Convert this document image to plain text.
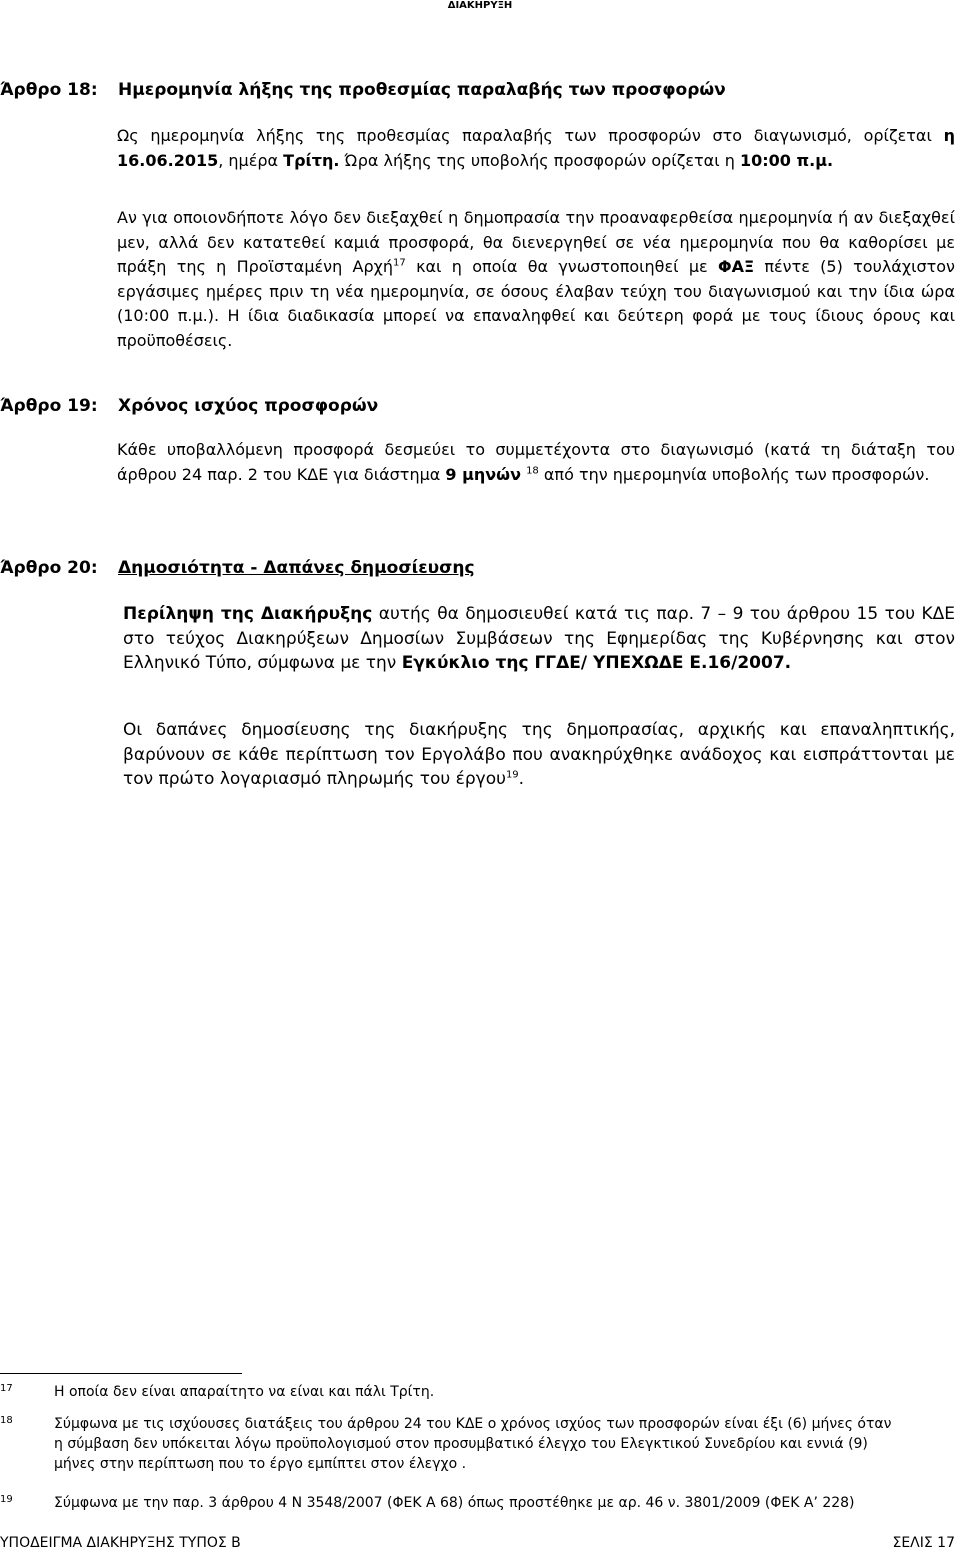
ΔΙΑΚΗΡΥΞΗ
Άρθρο 18: Ημερομηνία λήξης της προθεσμίας παραλαβής των προσφορών
Ως ημερομηνία λήξης της προθεσμίας παραλαβής των προσφορών στο διαγωνισμό, ορίζεται η 16.06.2015, ημέρα Τρίτη. Ώρα λήξης της υποβολής προσφορών ορίζεται η 10:00 π.μ.
Αν για οποιονδήποτε λόγο δεν διεξαχθεί η δημοπρασία την προαναφερθείσα ημερομηνία ή αν διεξαχθεί μεν, αλλά δεν κατατεθεί καμιά προσφορά, θα διενεργηθεί σε νέα ημερομηνία που θα καθορίσει με πράξη της η Προϊσταμένη Αρχή$^{17}$ και η οποία θα γνωστοποιηθεί με ΦΑΞ πέντε (5) τουλάχιστον εργάσιμες ημέρες πριν τη νέα ημερομηνία, σε όσους έλαβαν τεύχη του διαγωνισμού και την ίδια ώρα (10:00 π.μ.). Η ίδια διαδικασία μπορεί να επαναληφθεί και δεύτερη φορά με τους ίδιους όρους και προϋποθέσεις.
Άρθρο 19: Χρόνος ισχύος προσφορών
Κάθε υποβαλλόμενη προσφορά δεσμεύει το συμμετέχοντα στο διαγωνισμό (κατά τη διάταξη του άρθρου 24 παρ. 2 του ΚΔΕ για διάστημα 9 μηνών $^{18}$ από την ημερομηνία υποβολής των προσφορών.
Άρθρο 20: Δημοσιότητα - Δαπάνες δημοσίευσης
Περίληψη της Διακήρυξης αυτής θα δημοσιευθεί κατά τις παρ. 7 – 9 του άρθρου 15 του ΚΔΕ στο τεύχος Διακηρύξεων Δημοσίων Συμβάσεων της Εφημερίδας της Κυβέρνησης και στον Ελληνικό Τύπο, σύμφωνα με την Εγκύκλιο της ΓΓΔΕ/ ΥΠΕΧΩΔΕ Ε.16/2007.
Οι δαπάνες δημοσίευσης της διακήρυξης της δημοπρασίας, αρχικής και επαναληπτικής, βαρύνουν σε κάθε περίπτωση τον Εργολάβο που ανακηρύχθηκε ανάδοχος και εισπράττονται με τον πρώτο λογαριασμό πληρωμής του έργου$^{19}$.
17	Η οποία δεν είναι απαραίτητο να είναι και πάλι Τρίτη.
18	Σύμφωνα με τις ισχύουσες διατάξεις του άρθρου 24 του ΚΔΕ ο χρόνος ισχύος των προσφορών είναι έξι (6) μήνες όταν η σύμβαση δεν υπόκειται λόγω προϋπολογισμού στον προσυμβατικό έλεγχο του Ελεγκτικού Συνεδρίου και εννιά (9) μήνες στην περίπτωση που το έργο εμπίπτει στον έλεγχο .
19	Σύμφωνα με την παρ. 3 άρθρου 4 Ν 3548/2007 (ΦΕΚ Α 68) όπως προστέθηκε με αρ. 46 ν. 3801/2009 (ΦΕΚ Α’ 228)
ΥΠΟΔΕΙΓΜΑ ΔΙΑΚΗΡΥΞΗΣ ΤΥΠΟΣ Β	ΣΕΛΙΣ 17
